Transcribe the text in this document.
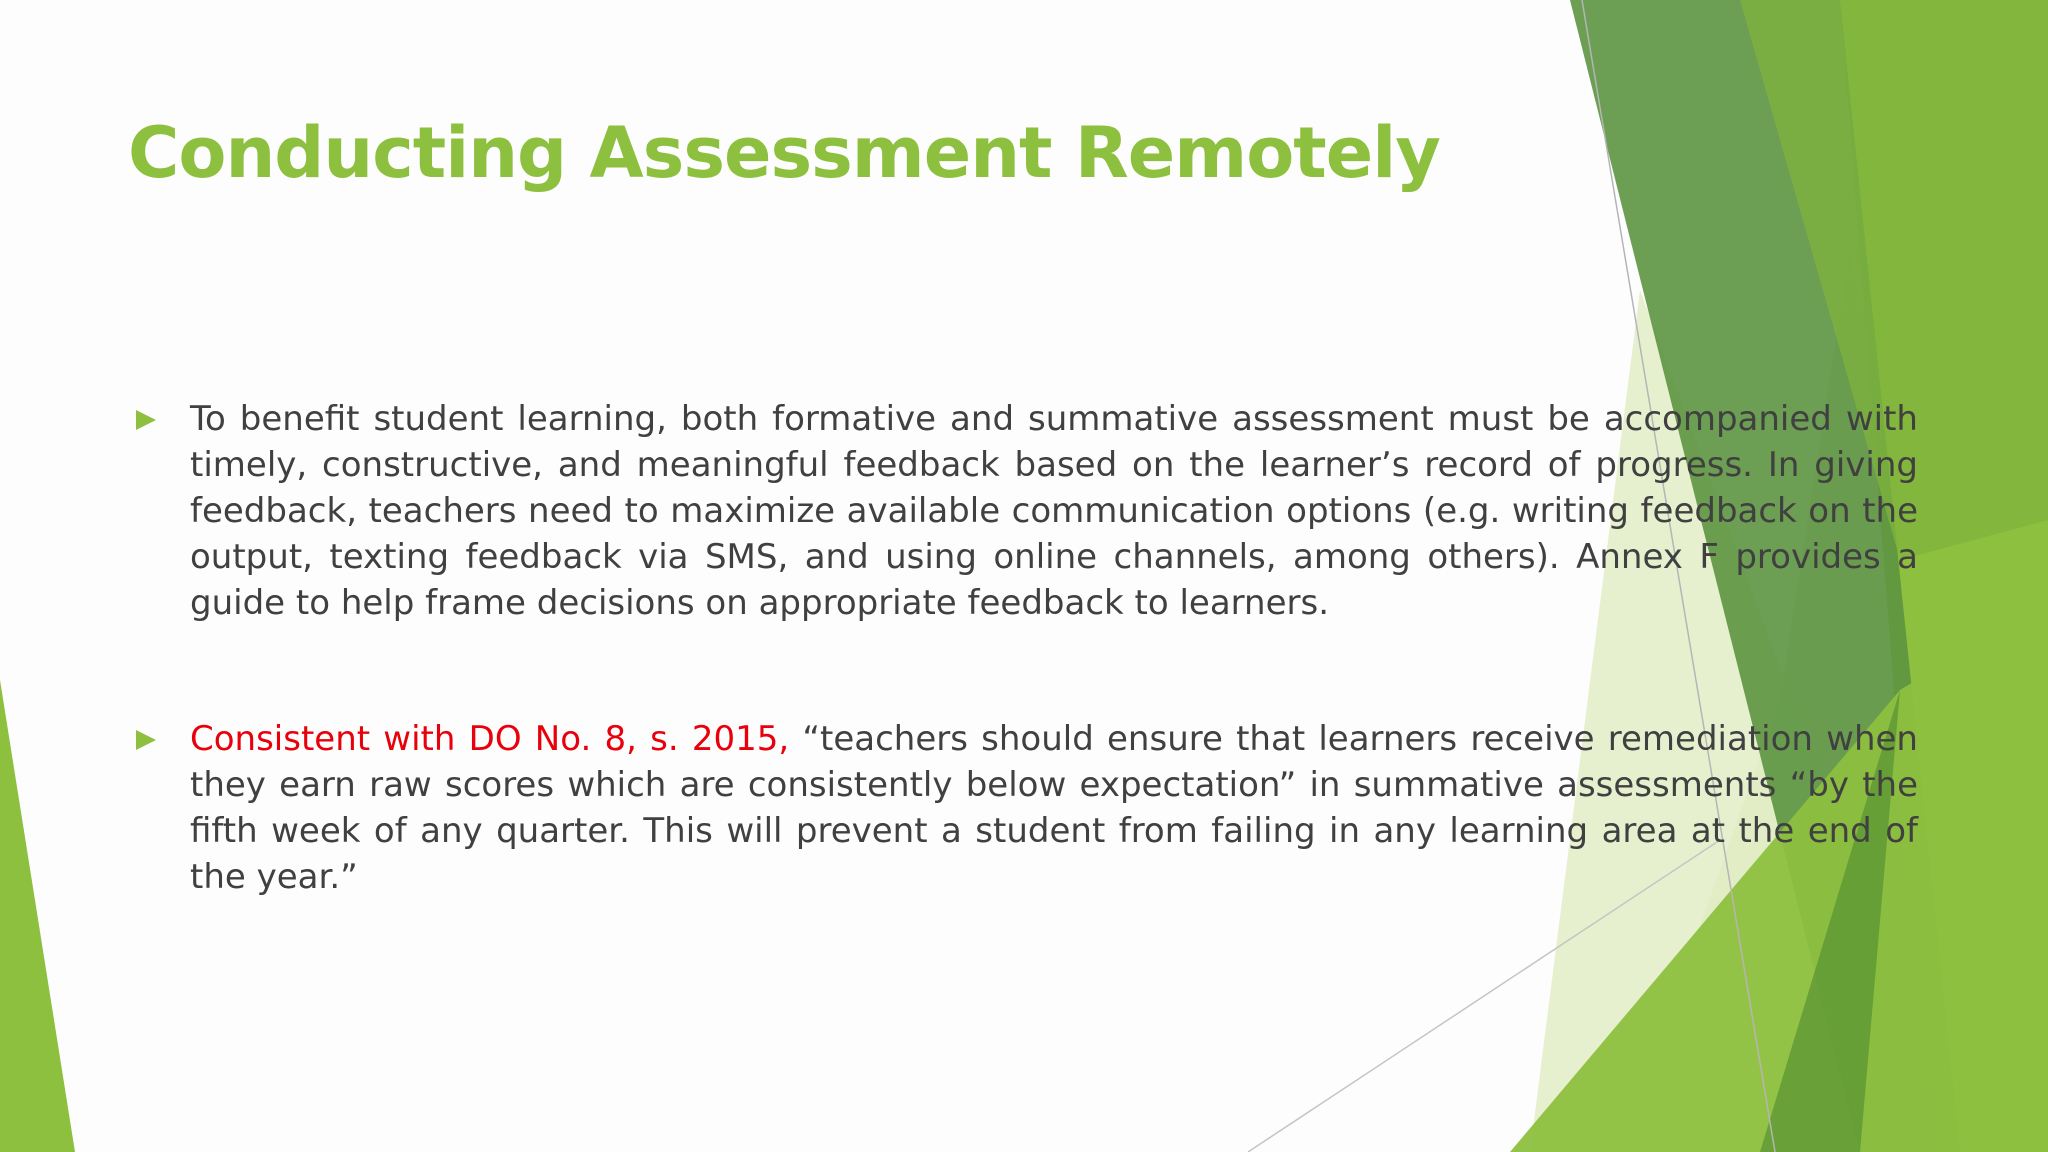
Conducting Assessment Remotely

To benefit student learning, both formative and summative assessment must be accompanied with timely, constructive, and meaningful feedback based on the learner’s record of progress. In giving feedback, teachers need to maximize available communication options (e.g. writing feedback on the output, texting feedback via SMS, and using online channels, among others). Annex F provides a guide to help frame decisions on appropriate feedback to learners.

Consistent with DO No. 8, s. 2015, “teachers should ensure that learners receive remediation when they earn raw scores which are consistently below expectation” in summative assessments “by the fifth week of any quarter. This will prevent a student from failing in any learning area at the end of the year.”
